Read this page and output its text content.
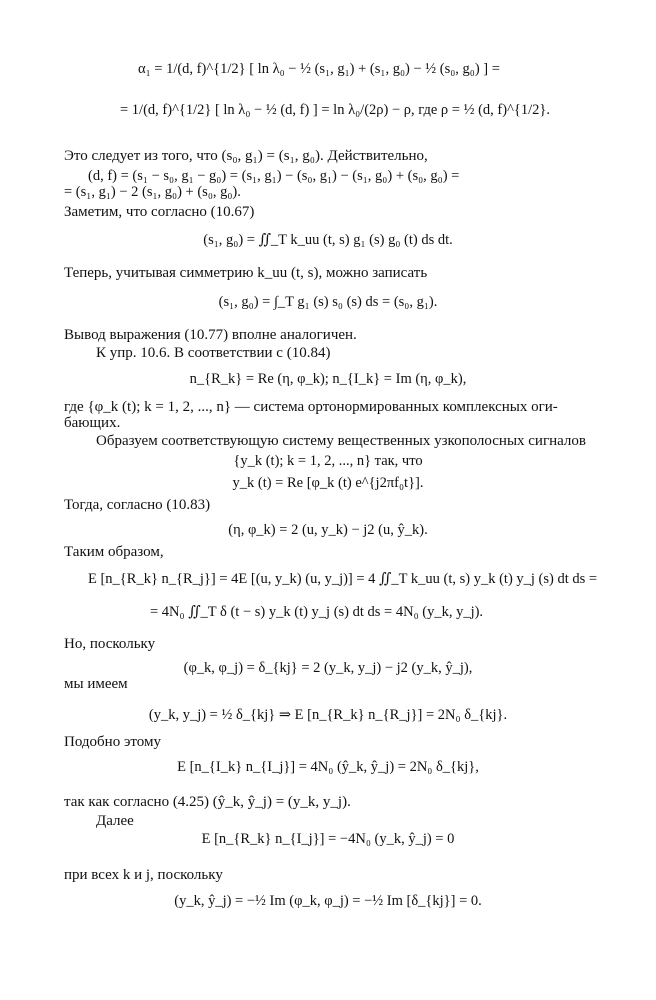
α₁ = 1/(d, f)^{1/2} [ ln λ₀ − ½ (s₁, g₁) + (s₁, g₀) − ½ (s₀, g₀) ] =
= 1/(d, f)^{1/2} [ ln λ₀ − ½ (d, f) ] = ln λ₀/(2ρ) − ρ, где ρ = ½ (d, f)^{1/2}.
Это следует из того, что (s₀, g₁) = (s₁, g₀). Действительно,
(d, f) = (s₁ − s₀, g₁ − g₀) = (s₁, g₁) − (s₀, g₁) − (s₁, g₀) + (s₀, g₀) =
= (s₁, g₁) − 2 (s₁, g₀) + (s₀, g₀).
Заметим, что согласно (10.67)
(s₁, g₀) = ∬_T k_uu (t, s) g₁ (s) g₀ (t) ds dt.
Теперь, учитывая симметрию k_uu (t, s), можно записать
(s₁, g₀) = ∫_T g₁ (s) s₀ (s) ds = (s₀, g₁).
Вывод выражения (10.77) вполне аналогичен.
К упр. 10.6. В соответствии с (10.84)
n_{R_k} = Re (η, φ_k); n_{I_k} = Im (η, φ_k),
где {φ_k (t); k = 1, 2, ..., n} — система ортонормированных комплексных оги-
бающих.
Образуем соответствующую систему вещественных узкополосных сигналов
{y_k (t); k = 1, 2, ..., n} так, что
y_k (t) = Re [φ_k (t) e^{j2πf₀t}].
Тогда, согласно (10.83)
(η, φ_k) = 2 (u, y_k) − j2 (u, ŷ_k).
Таким образом,
E [n_{R_k} n_{R_j}] = 4E [(u, y_k) (u, y_j)] = 4 ∬_T k_uu (t, s) y_k (t) y_j (s) dt ds =
= 4N₀ ∬_T δ (t − s) y_k (t) y_j (s) dt ds = 4N₀ (y_k, y_j).
Но, поскольку
(φ_k, φ_j) = δ_{kj} = 2 (y_k, y_j) − j2 (y_k, ŷ_j),
мы имеем
(y_k, y_j) = ½ δ_{kj} ⇒ E [n_{R_k} n_{R_j}] = 2N₀ δ_{kj}.
Подобно этому
E [n_{I_k} n_{I_j}] = 4N₀ (ŷ_k, ŷ_j) = 2N₀ δ_{kj},
так как согласно (4.25) (ŷ_k, ŷ_j) = (y_k, y_j).
Далее
E [n_{R_k} n_{I_j}] = −4N₀ (y_k, ŷ_j) = 0
при всех k и j, поскольку
(y_k, ŷ_j) = −½ Im (φ_k, φ_j) = −½ Im [δ_{kj}] = 0.
